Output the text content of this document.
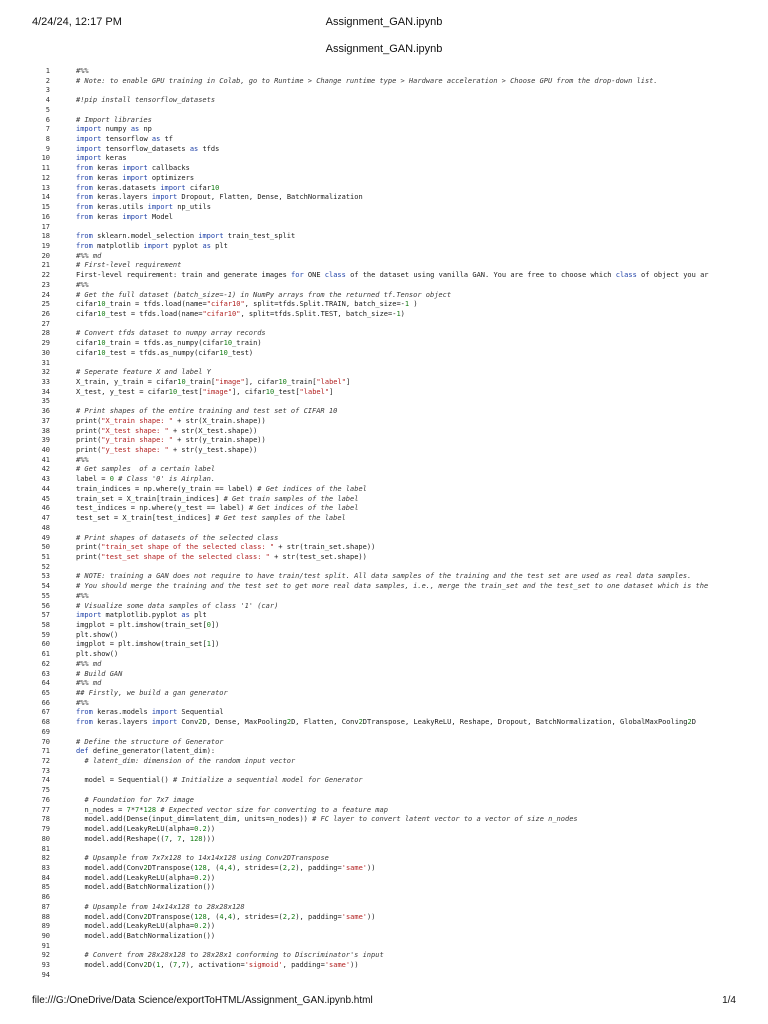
4/24/24, 12:17 PM	Assignment_GAN.ipynb
Assignment_GAN.ipynb
1	#%%
2	# Note: to enable GPU training in Colab, go to Runtime > Change runtime type > Hardware acceleration > Choose GPU from the drop-down list.
3
4	#!pip install tensorflow_datasets
5
6	# Import libraries
7	import numpy as np
8	import tensorflow as tf
9	import tensorflow_datasets as tfds
10	import keras
11	from keras import callbacks
12	from keras import optimizers
13	from keras.datasets import cifar10
14	from keras.layers import Dropout, Flatten, Dense, BatchNormalization
15	from keras.utils import np_utils
16	from keras import Model
17
18	from sklearn.model_selection import train_test_split
19	from matplotlib import pyplot as plt
20	#%% md
21	# First-level requirement
22	First-level requirement: train and generate images for ONE class of the dataset using vanilla GAN. You are free to choose which class of object you ar
23	#%%
24	# Get the full dataset (batch_size=-1) in NumPy arrays from the returned tf.Tensor object
25	cifar10_train = tfds.load(name="cifar10", split=tfds.Split.TRAIN, batch_size=-1 )
26	cifar10_test = tfds.load(name="cifar10", split=tfds.Split.TEST, batch_size=-1)
27
28	# Convert tfds dataset to numpy array records
29	cifar10_train = tfds.as_numpy(cifar10_train)
30	cifar10_test = tfds.as_numpy(cifar10_test)
31
32	# Seperate feature X and label Y
33	X_train, y_train = cifar10_train["image"], cifar10_train["label"]
34	X_test, y_test = cifar10_test["image"], cifar10_test["label"]
35
36	# Print shapes of the entire training and test set of CIFAR 10
37	print("X_train shape: " + str(X_train.shape))
38	print("X_test shape: " + str(X_test.shape))
39	print("y_train shape: " + str(y_train.shape))
40	print("y_test shape: " + str(y_test.shape))
41	#%%
42	# Get samples  of a certain label
43	label = 0 # Class '0' is Airplan.
44	train_indices = np.where(y_train == label) # Get indices of the label
45	train_set = X_train[train_indices] # Get train samples of the label
46	test_indices = np.where(y_test == label) # Get indices of the label
47	test_set = X_train[test_indices] # Get test samples of the label
48
49	# Print shapes of datasets of the selected class
50	print("train_set shape of the selected class: " + str(train_set.shape))
51	print("test_set shape of the selected class: " + str(test_set.shape))
52
53	# NOTE: training a GAN does not require to have train/test split. All data samples of the training and the test set are used as real data samples.
54	# You should merge the training and the test set to get more real data samples, i.e., merge the train_set and the test_set to one dataset which is the
55	#%%
56	# Visualize some data samples of class '1' (car)
57	import matplotlib.pyplot as plt
58	imgplot = plt.imshow(train_set[0])
59	plt.show()
60	imgplot = plt.imshow(train_set[1])
61	plt.show()
62	#%% md
63	# Build GAN
64	#%% md
65	## Firstly, we build a gan generator
66	#%%
67	from keras.models import Sequential
68	from keras.layers import Conv2D, Dense, MaxPooling2D, Flatten, Conv2DTranspose, LeakyReLU, Reshape, Dropout, BatchNormalization, GlobalMaxPooling2D
69
70	# Define the structure of Generator
71	def define_generator(latent_dim):
72	# latent_dim: dimension of the random input vector
73
74	model = Sequential() # Initialize a sequential model for Generator
75
76	# Foundation for 7x7 image
77	n_nodes = 7*7*128 # Expected vector size for converting to a feature map
78	model.add(Dense(input_dim=latent_dim, units=n_nodes)) # FC layer to convert latent vector to a vector of size n_nodes
79	model.add(LeakyReLU(alpha=0.2))
80	model.add(Reshape((7, 7, 128)))
81
82	# Upsample from 7x7x128 to 14x14x128 using Conv2DTranspose
83	model.add(Conv2DTranspose(128, (4,4), strides=(2,2), padding='same'))
84	model.add(LeakyReLU(alpha=0.2))
85	model.add(BatchNormalization())
86
87	# Upsample from 14x14x128 to 28x28x128
88	model.add(Conv2DTranspose(128, (4,4), strides=(2,2), padding='same'))
89	model.add(LeakyReLU(alpha=0.2))
90	model.add(BatchNormalization())
91
92	# Convert from 28x28x128 to 28x28x1 conforming to Discriminator's input
93	model.add(Conv2D(1, (7,7), activation='sigmoid', padding='same'))
94
file:///G:/OneDrive/Data Science/exportToHTML/Assignment_GAN.ipynb.html	1/4
